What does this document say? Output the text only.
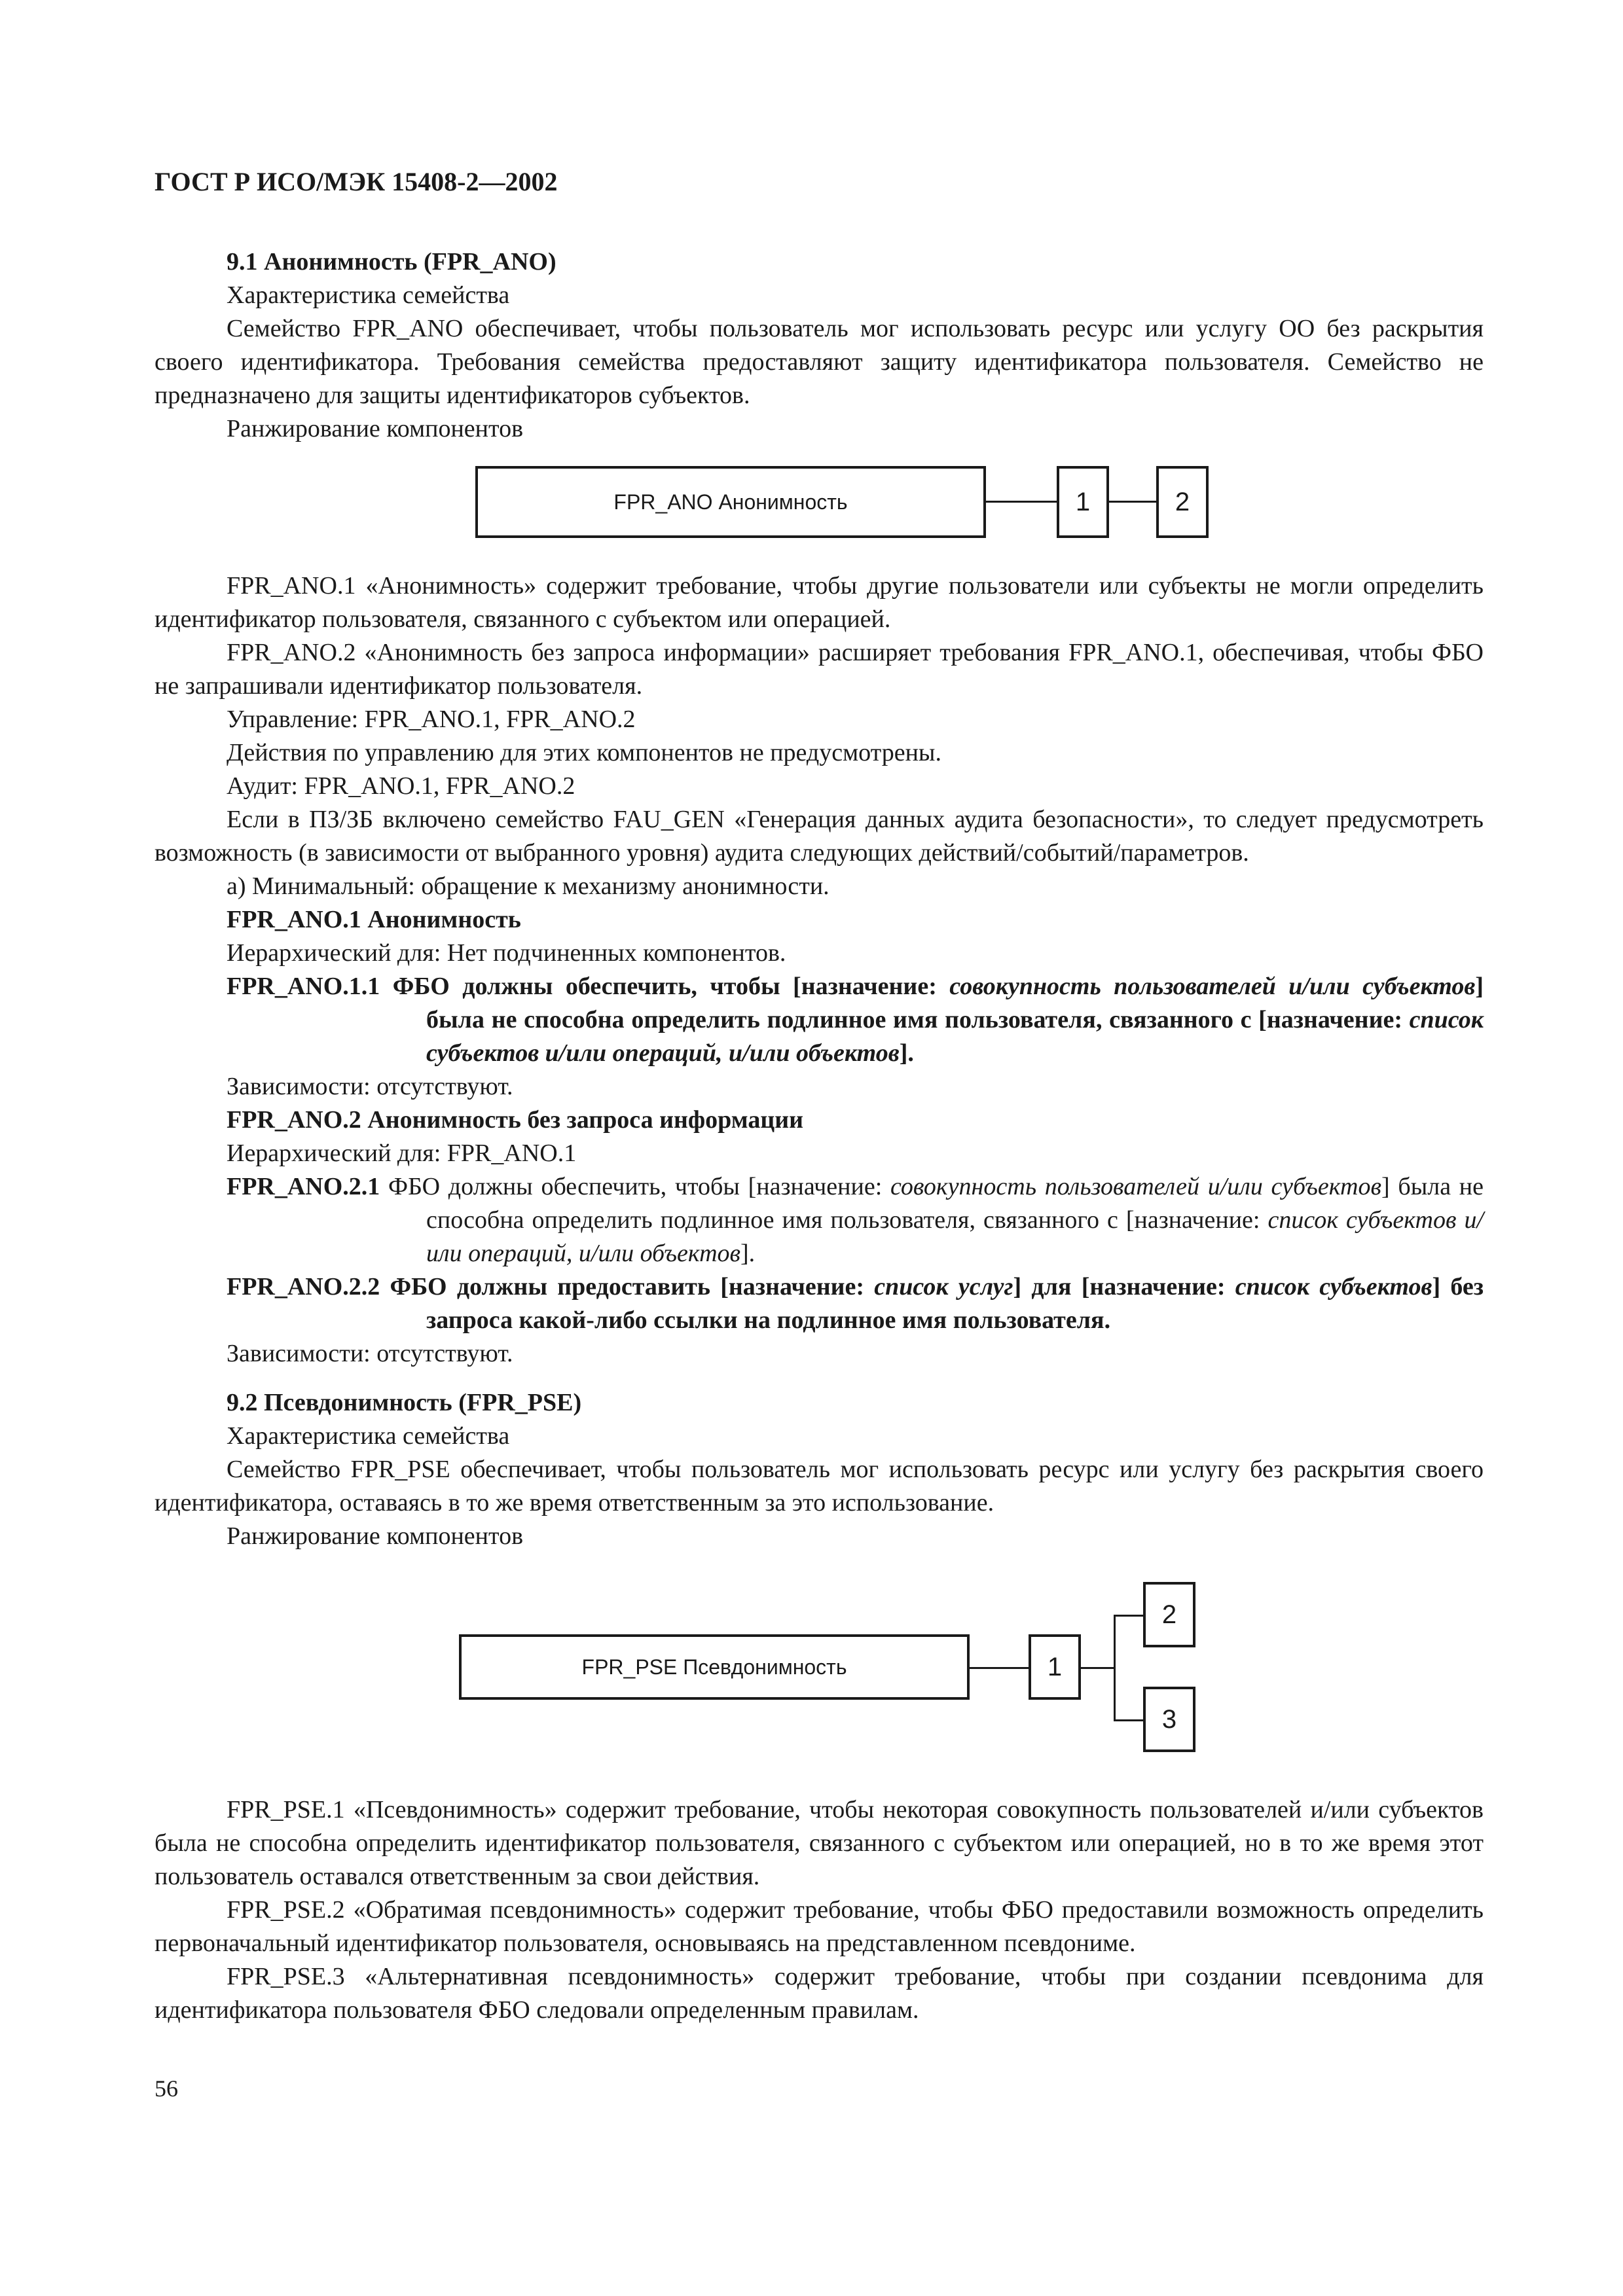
ГОСТ Р ИСО/МЭК 15408-2—2002

9.1 Анонимность (FPR_ANO)

Характеристика семейства

Семейство FPR_ANO обеспечивает, чтобы пользователь мог использовать ресурс или услугу ОО без раскрытия своего идентификатора. Требования семейства предоставляют защиту идентификатора пользователя. Семейство не предназначено для защиты идентификаторов субъектов.

Ранжирование компонентов

FPR_ANO Анонимность	1	2

FPR_ANO.1 «Анонимность» содержит требование, чтобы другие пользователи или субъекты не могли определить идентификатор пользователя, связанного с субъектом или операцией.

FPR_ANO.2 «Анонимность без запроса информации» расширяет требования FPR_ANO.1, обеспечивая, чтобы ФБО не запрашивали идентификатор пользователя.

Управление: FPR_ANO.1, FPR_ANO.2

Действия по управлению для этих компонентов не предусмотрены.

Аудит: FPR_ANO.1, FPR_ANO.2

Если в ПЗ/ЗБ включено семейство FAU_GEN «Генерация данных аудита безопасности», то следует предусмотреть возможность (в зависимости от выбранного уровня) аудита следующих действий/событий/параметров.

а) Минимальный: обращение к механизму анонимности.

FPR_ANO.1 Анонимность

Иерархический для: Нет подчиненных компонентов.

FPR_ANO.1.1 ФБО должны обеспечить, чтобы [назначение: совокупность пользователей и/или субъектов] была не способна определить подлинное имя пользователя, связанного с [назначение: список субъектов и/или операций, и/или объектов].

Зависимости: отсутствуют.

FPR_ANO.2 Анонимность без запроса информации

Иерархический для: FPR_ANO.1

FPR_ANO.2.1 ФБО должны обеспечить, чтобы [назначение: совокупность пользователей и/или субъектов] была не способна определить подлинное имя пользователя, связанного с [назначение: список субъектов и/или операций, и/или объектов].

FPR_ANO.2.2 ФБО должны предоставить [назначение: список услуг] для [назначение: список субъектов] без запроса какой-либо ссылки на подлинное имя пользователя.

Зависимости: отсутствуют.

9.2 Псевдонимность (FPR_PSE)

Характеристика семейства

Семейство FPR_PSE обеспечивает, чтобы пользователь мог использовать ресурс или услугу без раскрытия своего идентификатора, оставаясь в то же время ответственным за это использование.

Ранжирование компонентов

FPR_PSE Псевдонимность	1
2
3

FPR_PSE.1 «Псевдонимность» содержит требование, чтобы некоторая совокупность пользователей и/или субъектов была не способна определить идентификатор пользователя, связанного с субъектом или операцией, но в то же время этот пользователь оставался ответственным за свои действия.

FPR_PSE.2 «Обратимая псевдонимность» содержит требование, чтобы ФБО предоставили возможность определить первоначальный идентификатор пользователя, основываясь на представленном псевдониме.

FPR_PSE.3 «Альтернативная псевдонимность» содержит требование, чтобы при создании псевдонима для идентификатора пользователя ФБО следовали определенным правилам.

56
